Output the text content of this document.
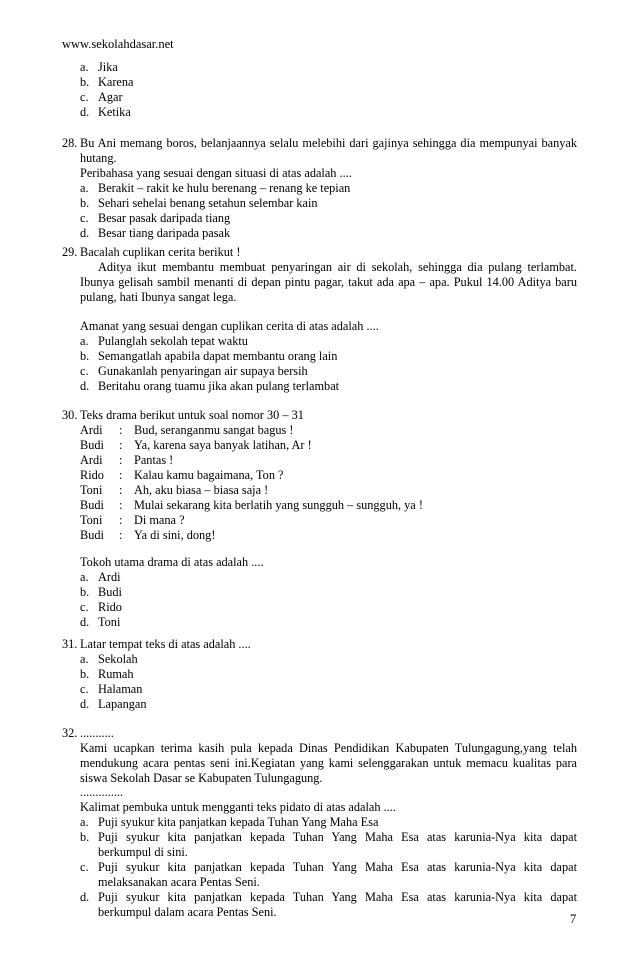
www.sekolahdasar.net
a. Jika
b. Karena
c. Agar
d. Ketika
28. Bu Ani memang boros, belanjaannya selalu melebihi dari gajinya sehingga dia mempunyai banyak
hutang.
Peribahasa yang sesuai dengan situasi di atas adalah ....
a. Berakit – rakit ke hulu berenang – renang ke tepian
b. Sehari sehelai benang setahun selembar kain
c. Besar pasak daripada tiang
d. Besar tiang daripada pasak
29. Bacalah cuplikan cerita berikut !
Aditya ikut membantu membuat penyaringan air di sekolah, sehingga dia pulang terlambat.
Ibunya gelisah sambil menanti di depan pintu pagar, takut ada apa – apa. Pukul 14.00 Aditya baru
pulang, hati Ibunya sangat lega.
Amanat yang sesuai dengan cuplikan cerita di atas adalah ....
a. Pulanglah sekolah tepat waktu
b. Semangatlah apabila dapat membantu orang lain
c. Gunakanlah penyaringan air supaya bersih
d. Beritahu orang tuamu jika akan pulang terlambat
30. Teks drama berikut untuk soal nomor 30 – 31
Ardi : Bud, seranganmu sangat bagus !
Budi : Ya, karena saya banyak latihan, Ar !
Ardi : Pantas !
Rido : Kalau kamu bagaimana, Ton ?
Toni : Ah, aku biasa – biasa saja !
Budi : Mulai sekarang kita berlatih yang sungguh – sungguh, ya !
Toni : Di mana ?
Budi : Ya di sini, dong!
Tokoh utama drama di atas adalah ....
a. Ardi
b. Budi
c. Rido
d. Toni
31. Latar tempat teks di atas adalah ....
a. Sekolah
b. Rumah
c. Halaman
d. Lapangan
32. ...........
Kami ucapkan terima kasih pula kepada Dinas Pendidikan Kabupaten Tulungagung,yang telah
mendukung acara pentas seni ini.Kegiatan yang kami selenggarakan untuk memacu kualitas para
siswa Sekolah Dasar se Kabupaten Tulungagung.
..............
Kalimat pembuka untuk mengganti teks pidato di atas adalah ....
a. Puji syukur kita panjatkan kepada Tuhan Yang Maha Esa
b. Puji syukur kita panjatkan kepada Tuhan Yang Maha Esa atas karunia-Nya kita dapat
berkumpul di sini.
c. Puji syukur kita panjatkan kepada Tuhan Yang Maha Esa atas karunia-Nya kita dapat
melaksanakan acara Pentas Seni.
d. Puji syukur kita panjatkan kepada Tuhan Yang Maha Esa atas karunia-Nya kita dapat
berkumpul dalam acara Pentas Seni.	7
